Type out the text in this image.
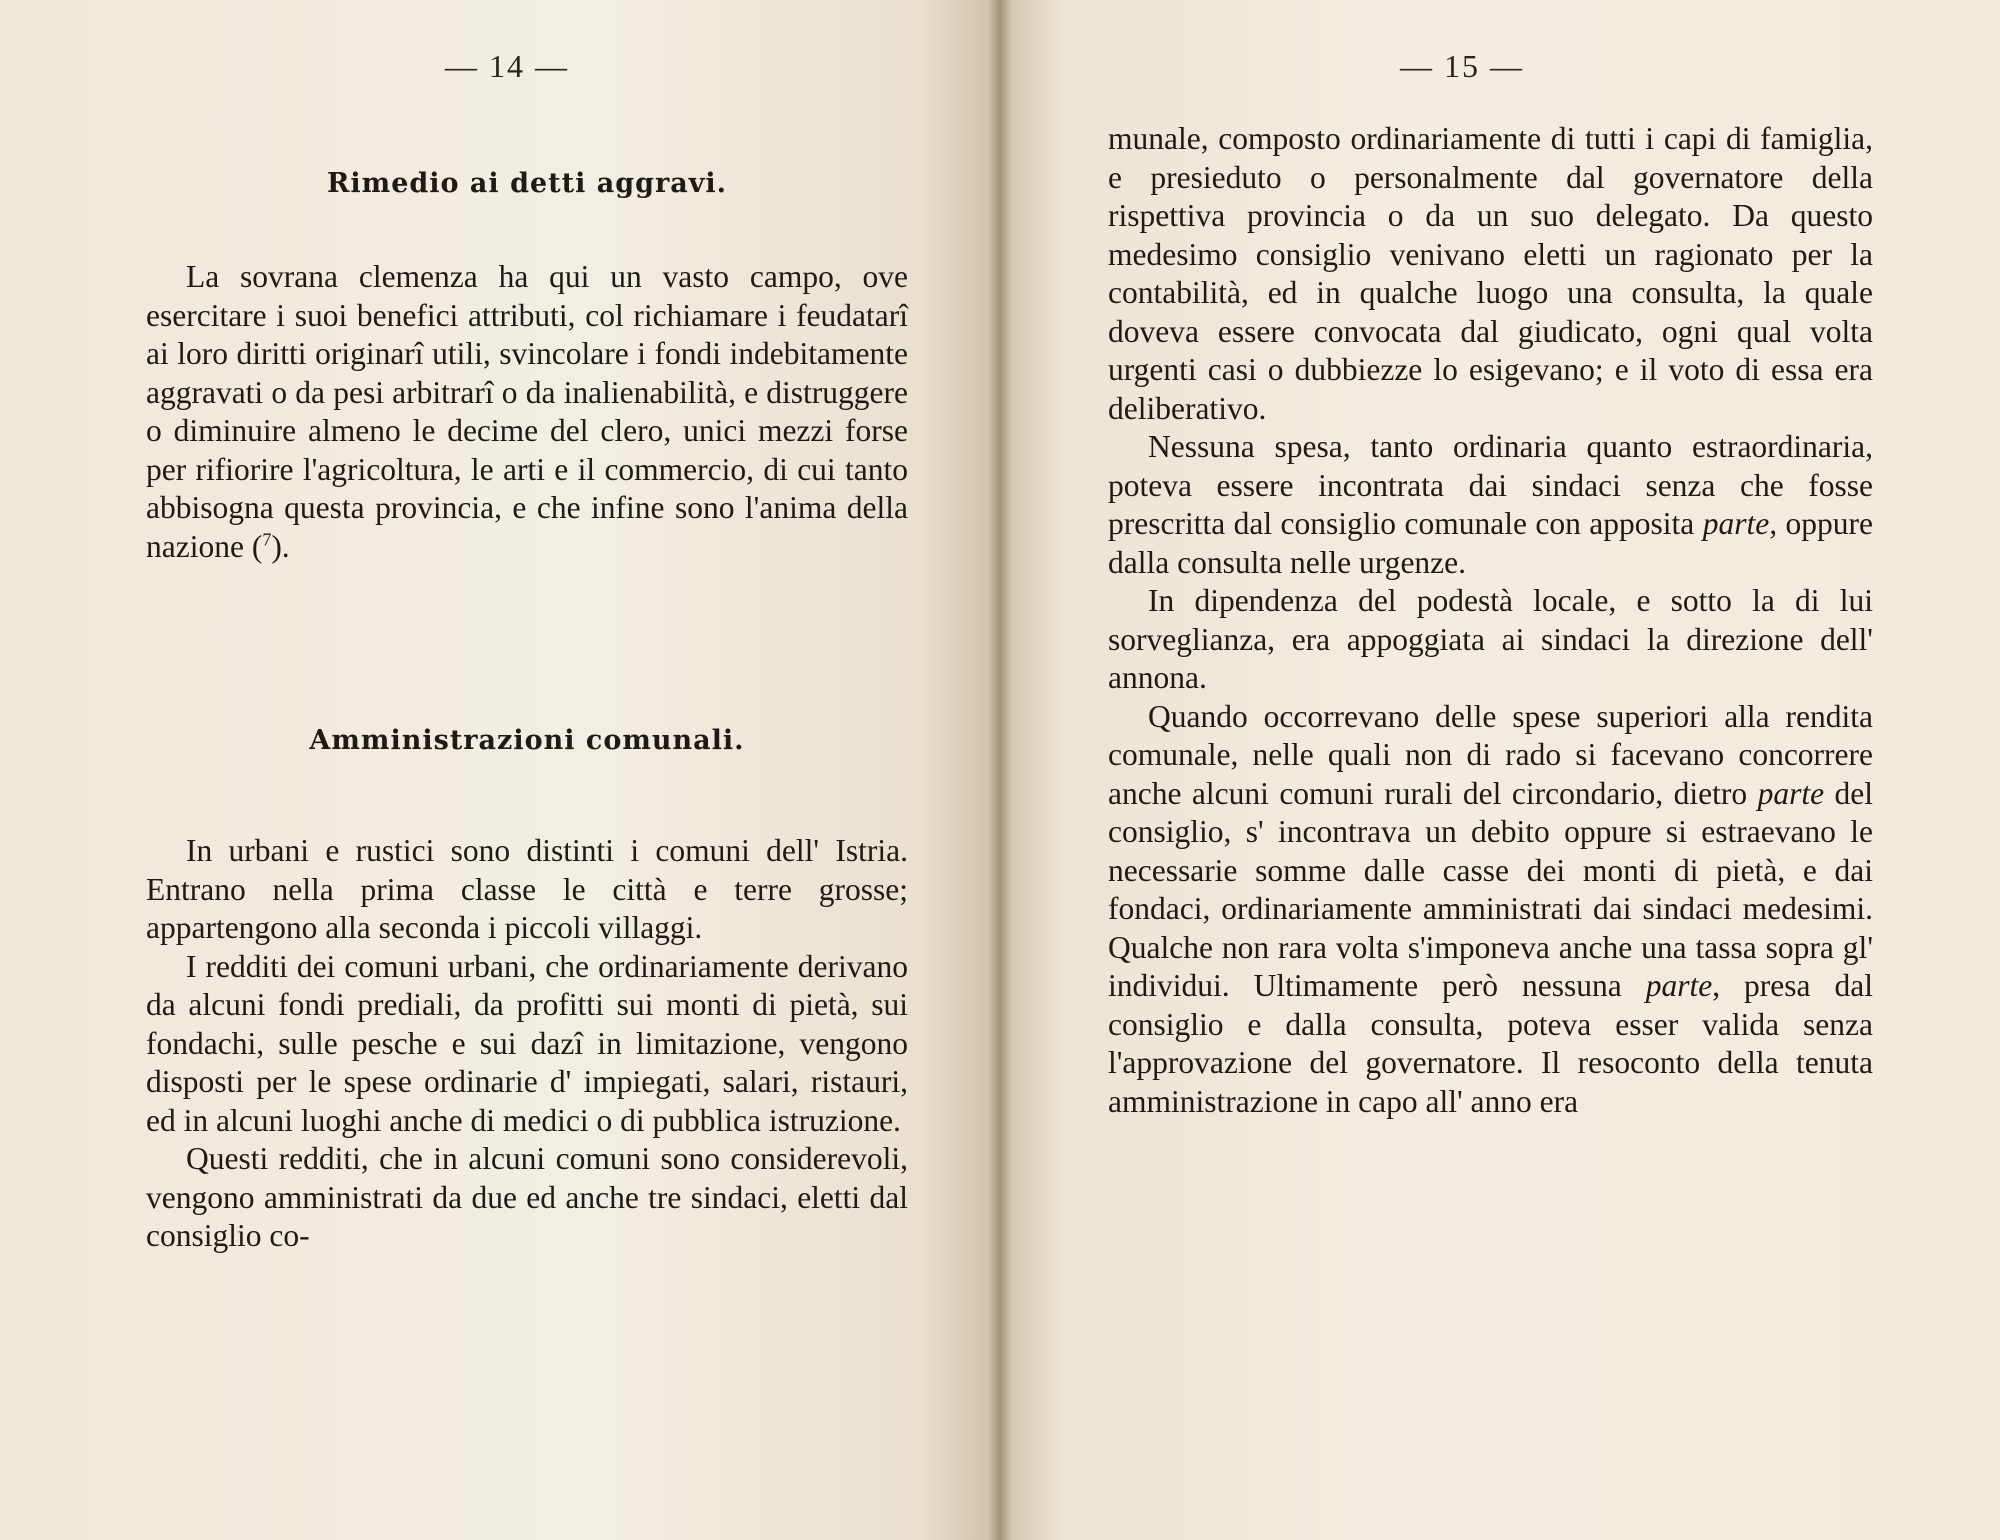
— 14 —
Rimedio ai detti aggravi.

La sovrana clemenza ha qui un vasto campo, ove esercitare i suoi benefici attributi, col richiamare i feudatarî ai loro diritti originarî utili, svincolare i fondi indebitamente aggravati o da pesi arbitrarî o da inalienabilità, e distruggere o diminuire almeno le decime del clero, unici mezzi forse per rifiorire l'agricoltura, le arti e il commercio, di cui tanto abbisogna questa provincia, e che infine sono l'anima della nazione ($^7$).

Amministrazioni comunali.

In urbani e rustici sono distinti i comuni dell' Istria. Entrano nella prima classe le città e terre grosse; appartengono alla seconda i piccoli villaggi.

I redditi dei comuni urbani, che ordinariamente derivano da alcuni fondi prediali, da profitti sui monti di pietà, sui fondachi, sulle pesche e sui dazî in limitazione, vengono disposti per le spese ordinarie d' impiegati, salari, ristauri, ed in alcuni luoghi anche di medici o di pubblica istruzione.

Questi redditi, che in alcuni comuni sono considerevoli, vengono amministrati da due ed anche tre sindaci, eletti dal consiglio co-

— 15 —

munale, composto ordinariamente di tutti i capi di famiglia, e presieduto o personalmente dal governatore della rispettiva provincia o da un suo delegato. Da questo medesimo consiglio venivano eletti un ragionato per la contabilità, ed in qualche luogo una consulta, la quale doveva essere convocata dal giudicato, ogni qual volta urgenti casi o dubbiezze lo esigevano; e il voto di essa era deliberativo.

Nessuna spesa, tanto ordinaria quanto estraordinaria, poteva essere incontrata dai sindaci senza che fosse prescritta dal consiglio comunale con apposita parte, oppure dalla consulta nelle urgenze.

In dipendenza del podestà locale, e sotto la di lui sorveglianza, era appoggiata ai sindaci la direzione dell' annona.

Quando occorrevano delle spese superiori alla rendita comunale, nelle quali non di rado si facevano concorrere anche alcuni comuni rurali del circondario, dietro parte del consiglio, s' incontrava un debito oppure si estraevano le necessarie somme dalle casse dei monti di pietà, e dai fondaci, ordinariamente amministrati dai sindaci medesimi. Qualche non rara volta s'imponeva anche una tassa sopra gl' individui. Ultimamente però nessuna parte, presa dal consiglio e dalla consulta, poteva esser valida senza l'approvazione del governatore. Il resoconto della tenuta amministrazione in capo all' anno era
